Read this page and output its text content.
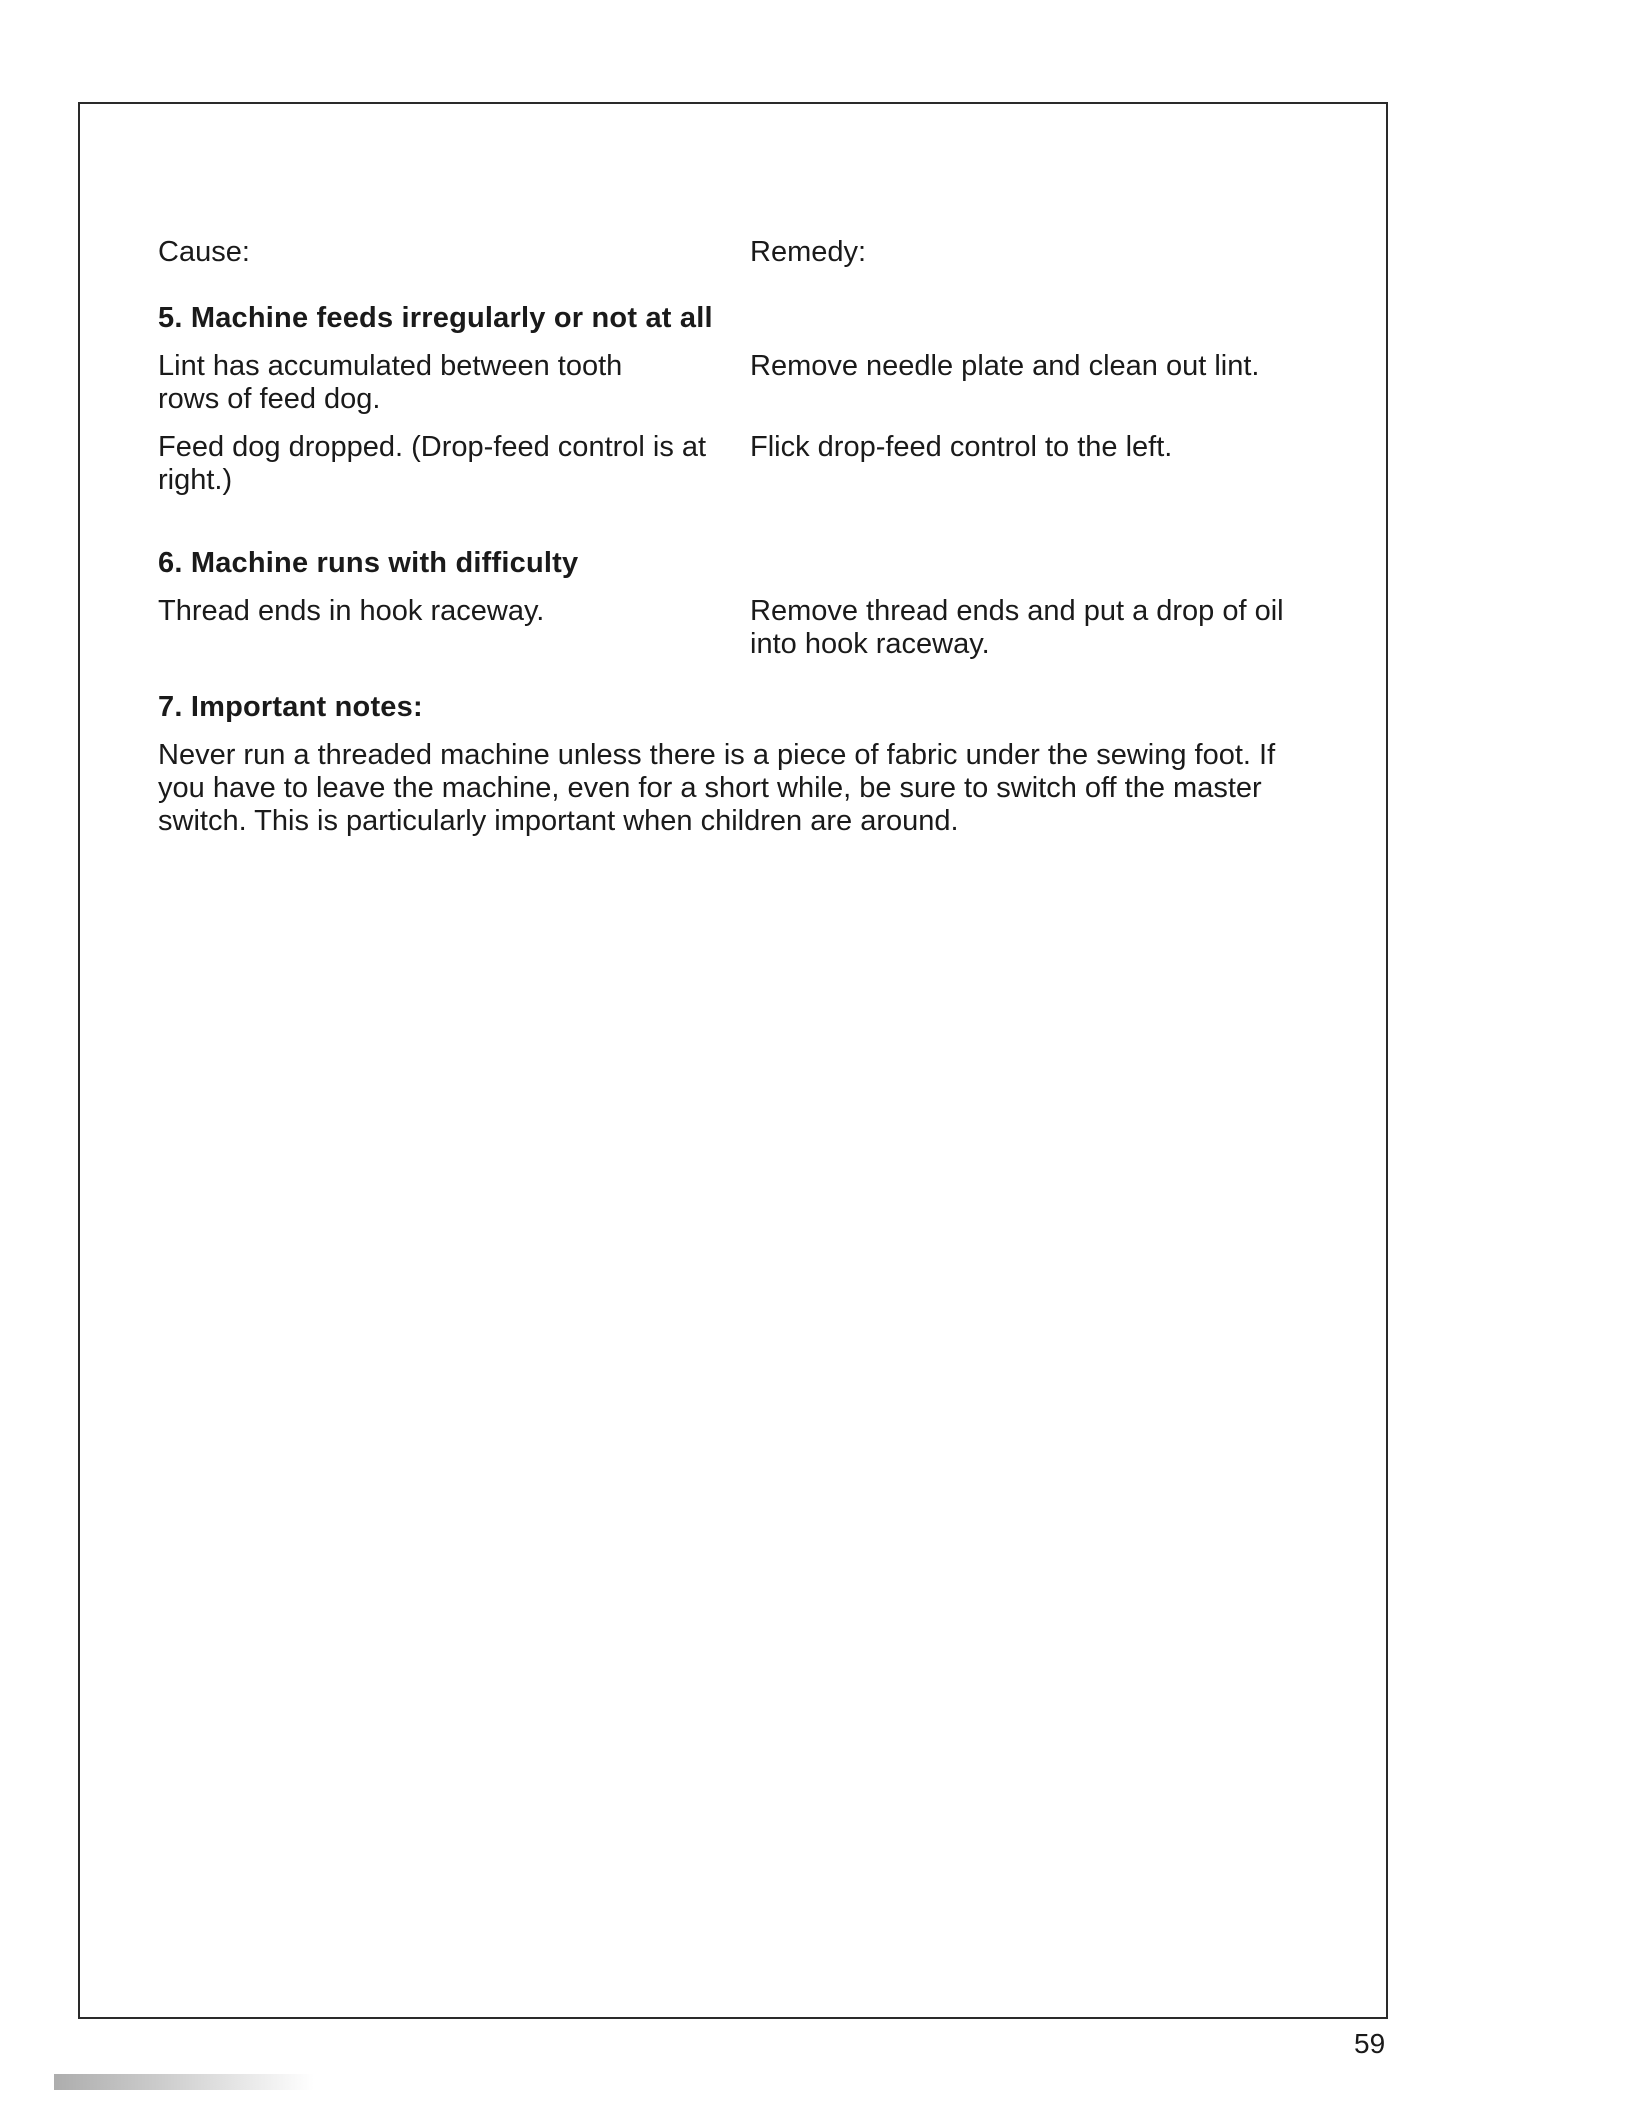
Cause:	Remedy:
5. Machine feeds irregularly or not at all
Lint has accumulated between tooth rows of feed dog.
Remove needle plate and clean out lint.
Feed dog dropped. (Drop-feed control is at right.)
Flick drop-feed control to the left.
6. Machine runs with difficulty
Thread ends in hook raceway.	Remove thread ends and put a drop of oil into hook raceway.
7. Important notes:
Never run a threaded machine unless there is a piece of fabric under the sewing foot. If you have to leave the machine, even for a short while, be sure to switch off the master switch. This is particularly important when children are around.
59
